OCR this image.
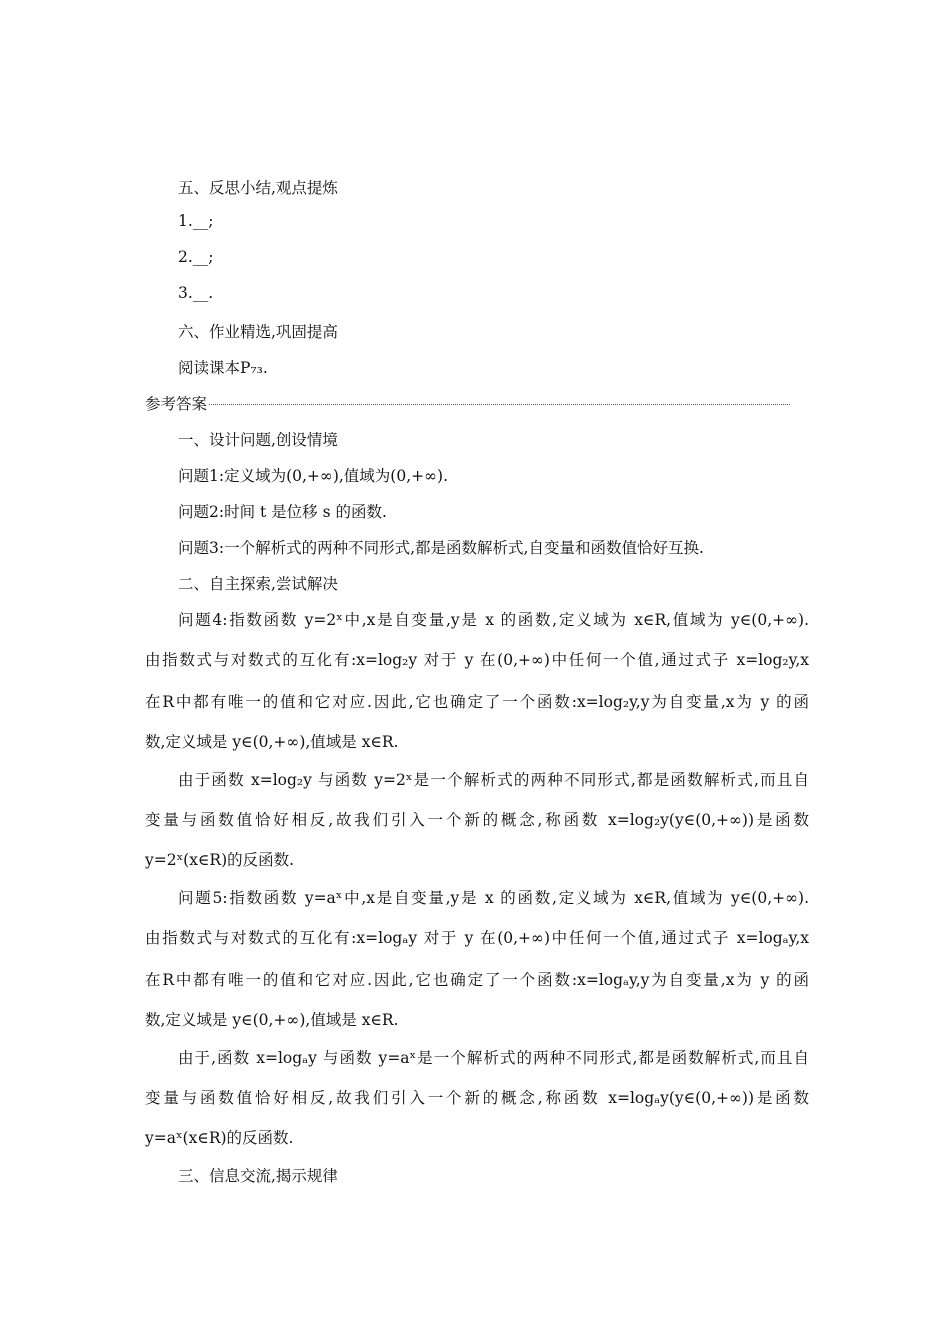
五、反思小结,观点提炼
1.__;
2.__;
3.__.
六、作业精选,巩固提高
阅读课本P₇₃.
参考答案
一、设计问题,创设情境
问题1:定义域为(0,+∞),值域为(0,+∞).
问题2:时间 t 是位移 s 的函数.
问题3:一个解析式的两种不同形式,都是函数解析式,自变量和函数值恰好互换.
二、自主探索,尝试解决
问题4:指数函数 y=2ˣ中,x是自变量,y是 x 的函数,定义域为 x∈R,值域为 y∈(0,+∞).
由指数式与对数式的互化有:x=log₂y 对于 y 在(0,+∞)中任何一个值,通过式子 x=log₂y,x
在R中都有唯一的值和它对应.因此,它也确定了一个函数:x=log₂y,y为自变量,x为 y 的函
数,定义域是 y∈(0,+∞),值域是 x∈R.
由于函数 x=log₂y 与函数 y=2ˣ是一个解析式的两种不同形式,都是函数解析式,而且自
变量与函数值恰好相反,故我们引入一个新的概念,称函数 x=log₂y(y∈(0,+∞))是函数
y=2ˣ(x∈R)的反函数.
问题5:指数函数 y=aˣ中,x是自变量,y是 x 的函数,定义域为 x∈R,值域为 y∈(0,+∞).
由指数式与对数式的互化有:x=logₐy 对于 y 在(0,+∞)中任何一个值,通过式子 x=logₐy,x
在R中都有唯一的值和它对应.因此,它也确定了一个函数:x=logₐy,y为自变量,x为 y 的函
数,定义域是 y∈(0,+∞),值域是 x∈R.
由于,函数 x=logₐy 与函数 y=aˣ是一个解析式的两种不同形式,都是函数解析式,而且自
变量与函数值恰好相反,故我们引入一个新的概念,称函数 x=logₐy(y∈(0,+∞))是函数
y=aˣ(x∈R)的反函数.
三、信息交流,揭示规律
